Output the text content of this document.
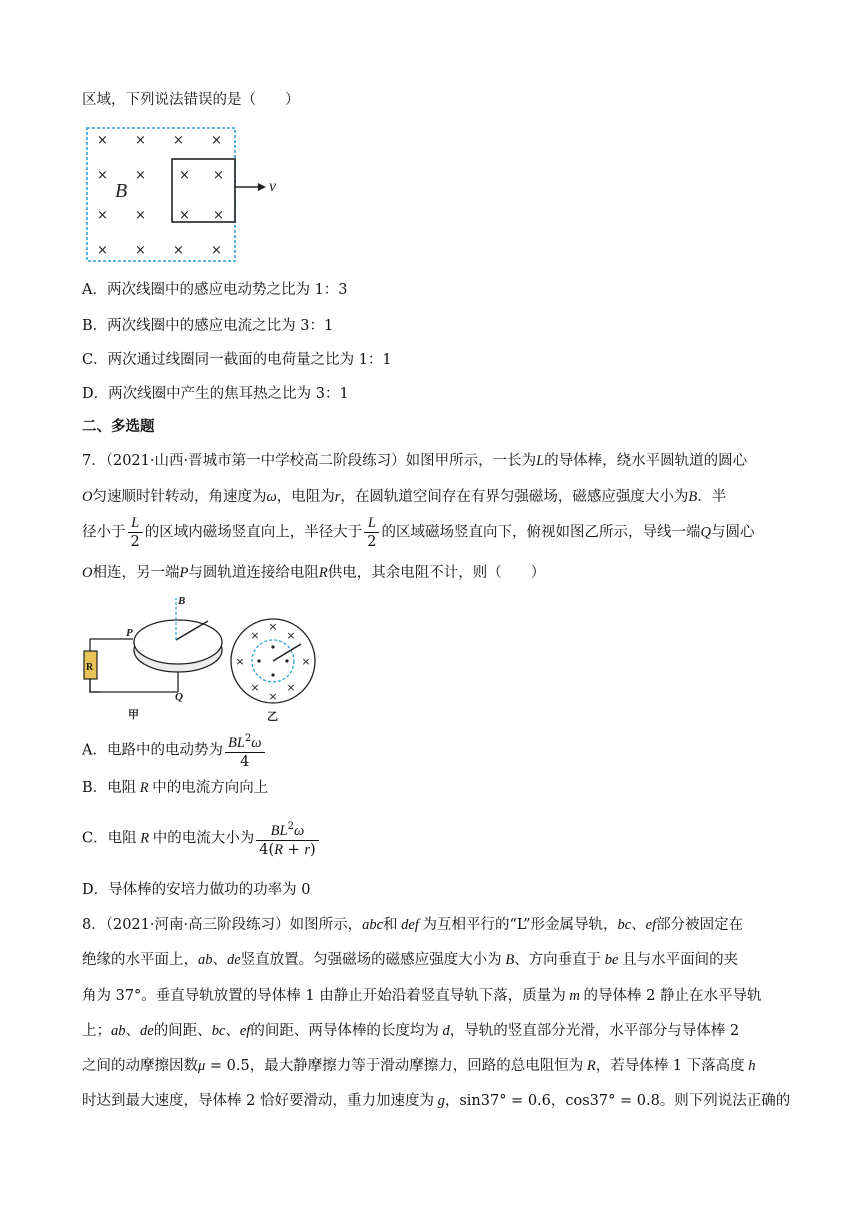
区域，下列说法错误的是（　　）
× × × ×
× ×	× ×
× ×	× ×
× × × ×
B	v
A．两次线圈中的感应电动势之比为 1：3
B．两次线圈中的感应电流之比为 3：1
C．两次通过线圈同一截面的电荷量之比为 1：1
D．两次线圈中产生的焦耳热之比为 3：1
二、多选题
7．（2021·山西·晋城市第一中学校高二阶段练习）如图甲所示，一长为L的导体棒，绕水平圆轨道的圆心
O匀速顺时针转动，角速度为ω，电阻为r，在圆轨道空间存在有界匀强磁场，磁感应强度大小为B．半
径小于 $\frac{L}{2}$ 的区域内磁场竖直向上，半径大于 $\frac{L}{2}$ 的区域磁场竖直向下，俯视如图乙所示，导线一端Q与圆心
O相连，另一端P与圆轨道连接给电阻R供电，其余电阻不计，则（　　）
R
B
P
Q
甲
×
× ×
×	×
× ×
×
乙
A．电路中的电动势为 $\frac{BL^2\omega}{4}$
B．电阻 R 中的电流方向向上
C．电阻 R 中的电流大小为 $\frac{BL^2\omega}{4(R + r)}$
D．导体棒的安培力做功的功率为 0
8．（2021·河南·高三阶段练习）如图所示，abc和 def 为互相平行的“L”形金属导轨，bc、ef部分被固定在
绝缘的水平面上，ab、de竖直放置。匀强磁场的磁感应强度大小为 B、方向垂直于 be 且与水平面间的夹
角为 37°。垂直导轨放置的导体棒 1 由静止开始沿着竖直导轨下落，质量为 m 的导体棒 2 静止在水平导轨
上；ab、de的间距、bc、ef的间距、两导体棒的长度均为 d，导轨的竖直部分光滑，水平部分与导体棒 2
之间的动摩擦因数μ = 0.5，最大静摩擦力等于滑动摩擦力，回路的总电阻恒为 R，若导体棒 1 下落高度 h
时达到最大速度，导体棒 2 恰好要滑动，重力加速度为 g，sin37° = 0.6，cos37° = 0.8。则下列说法正确的
